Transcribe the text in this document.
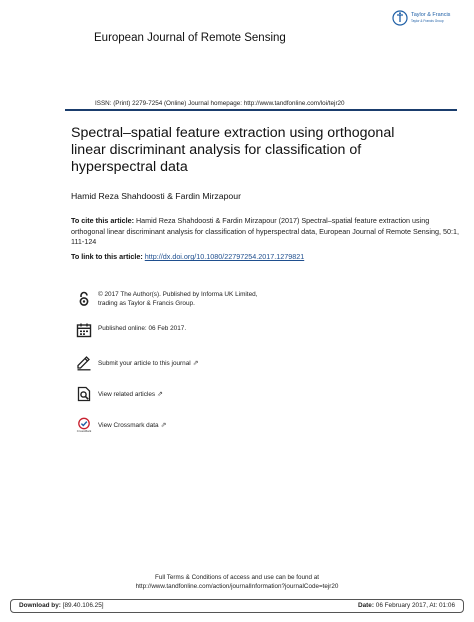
Taylor & Francis
Taylor & Francis Group
European Journal of Remote Sensing
ISSN: (Print) 2279-7254 (Online) Journal homepage: http://www.tandfonline.com/loi/tejr20
Spectral–spatial feature extraction using orthogonal linear discriminant analysis for classification of hyperspectral data
Hamid Reza Shahdoosti & Fardin Mirzapour
To cite this article: Hamid Reza Shahdoosti & Fardin Mirzapour (2017) Spectral–spatial feature extraction using orthogonal linear discriminant analysis for classification of hyperspectral data, European Journal of Remote Sensing, 50:1, 111-124
To link to this article: http://dx.doi.org/10.1080/22797254.2017.1279821
© 2017 The Author(s). Published by Informa UK Limited, trading as Taylor & Francis Group.
Published online: 06 Feb 2017.
Submit your article to this journal ⇗
View related articles ⇗
CrossMark
View Crossmark data ⇗
Full Terms & Conditions of access and use can be found at
http://www.tandfonline.com/action/journalInformation?journalCode=tejr20
Download by: [89.40.106.25]	Date: 06 February 2017, At: 01:06
